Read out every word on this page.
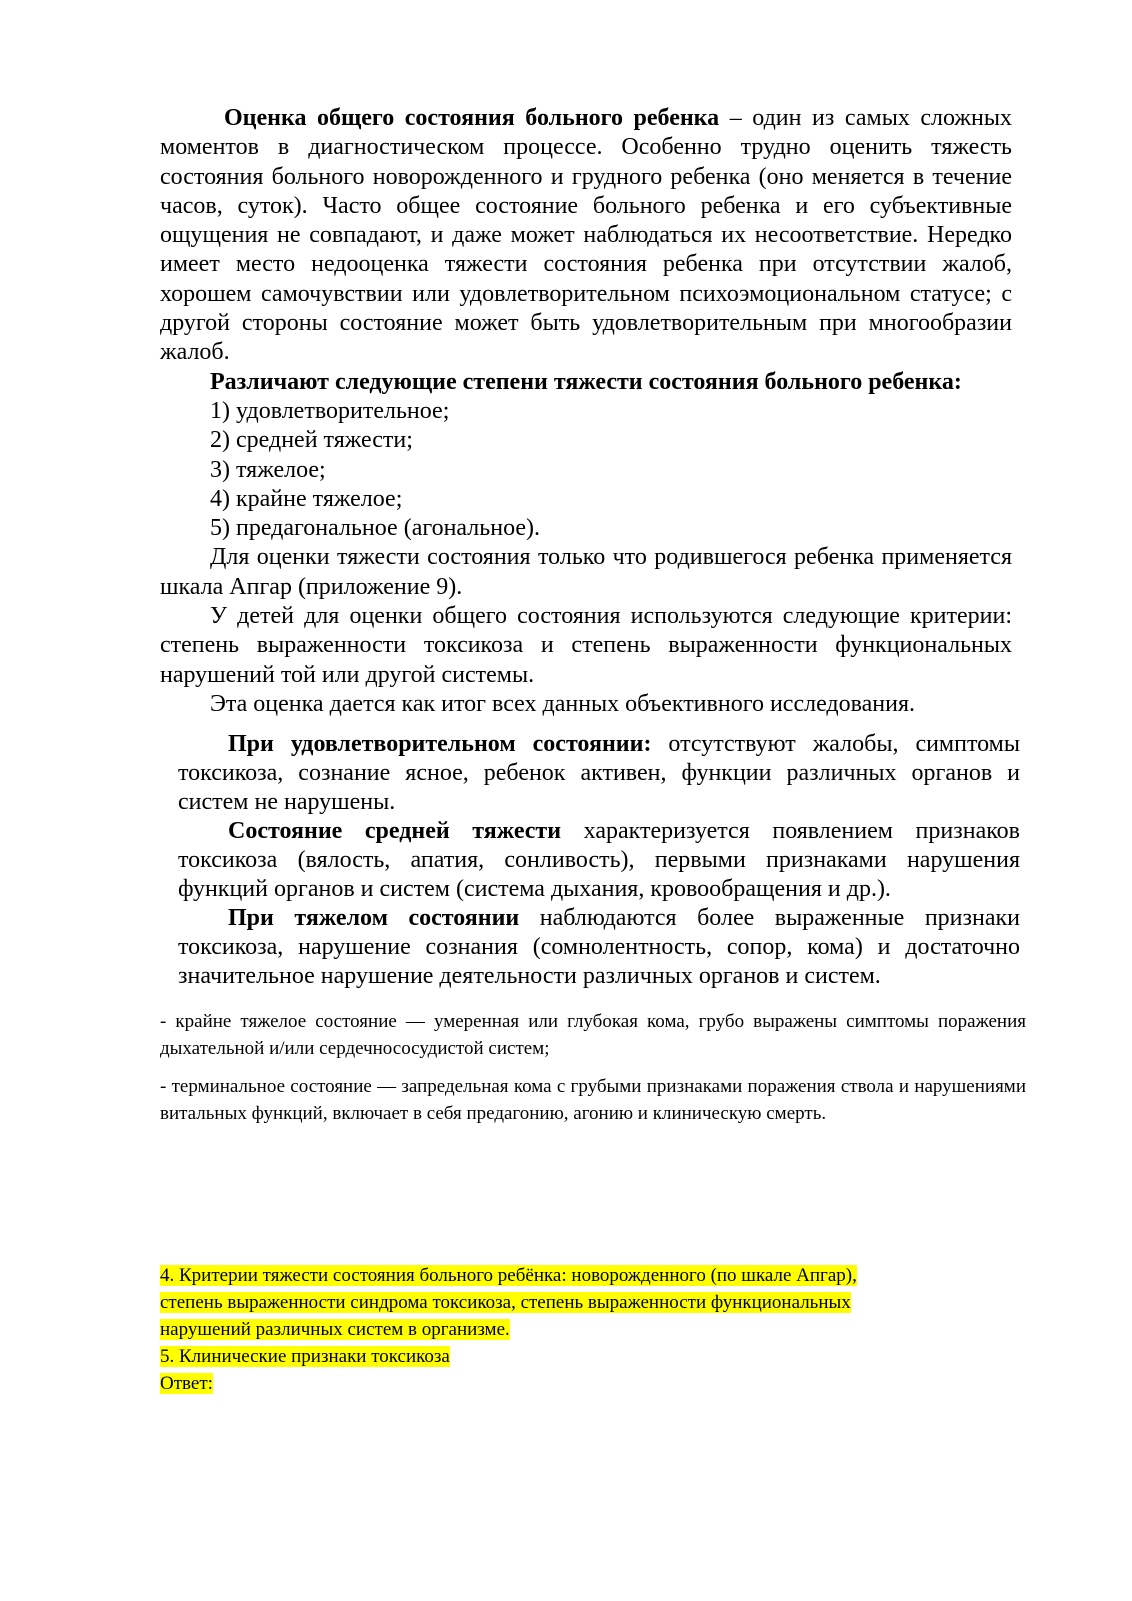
Оценка общего состояния больного ребенка – один из самых сложных моментов в диагностическом процессе. Особенно трудно оценить тяжесть состояния больного новорожденного и грудного ребенка (оно меняется в течение часов, суток). Часто общее состояние больного ребенка и его субъективные ощущения не совпадают, и даже может наблюдаться их несоответствие. Нередко имеет место недооценка тяжести состояния ребенка при отсутствии жалоб, хорошем самочувствии или удовлетворительном психоэмоциональном статусе; с другой стороны состояние может быть удовлетворительным при многообразии жалоб.

Различают следующие степени тяжести состояния больного ребенка:

1) удовлетворительное;

2) средней тяжести;

3) тяжелое;

4) крайне тяжелое;

5) предагональное (агональное).

Для оценки тяжести состояния только что родившегося ребенка применяется шкала Апгар (приложение 9).

У детей для оценки общего состояния используются следующие критерии: степень выраженности токсикоза и степень выраженности функциональных нарушений той или другой системы.

Эта оценка дается как итог всех данных объективного исследования.

При удовлетворительном состоянии: отсутствуют жалобы, симптомы токсикоза, сознание ясное, ребенок активен, функции различных органов и систем не нарушены.

Состояние средней тяжести характеризуется появлением признаков токсикоза (вялость, апатия, сонливость), первыми признаками нарушения функций органов и систем (система дыхания, кровообращения и др.).

При тяжелом состоянии наблюдаются более выраженные признаки токсикоза, нарушение сознания (сомнолентность, сопор, кома) и достаточно значительное нарушение деятельности различных органов и систем.

- крайне тяжелое состояние — умеренная или глубокая кома, грубо выражены симптомы поражения дыхательной и/или сердечнососудистой систем;

- терминальное состояние — запредельная кома с грубыми признаками поражения ствола и нарушениями витальных функций, включает в себя предагонию, агонию и клиническую смерть.

4. Критерии тяжести состояния больного ребёнка: новорожденного (по шкале Апгар),

степень выраженности синдрома токсикоза, степень выраженности функциональных

нарушений различных систем в организме.

5. Клинические признаки токсикоза

Ответ:
